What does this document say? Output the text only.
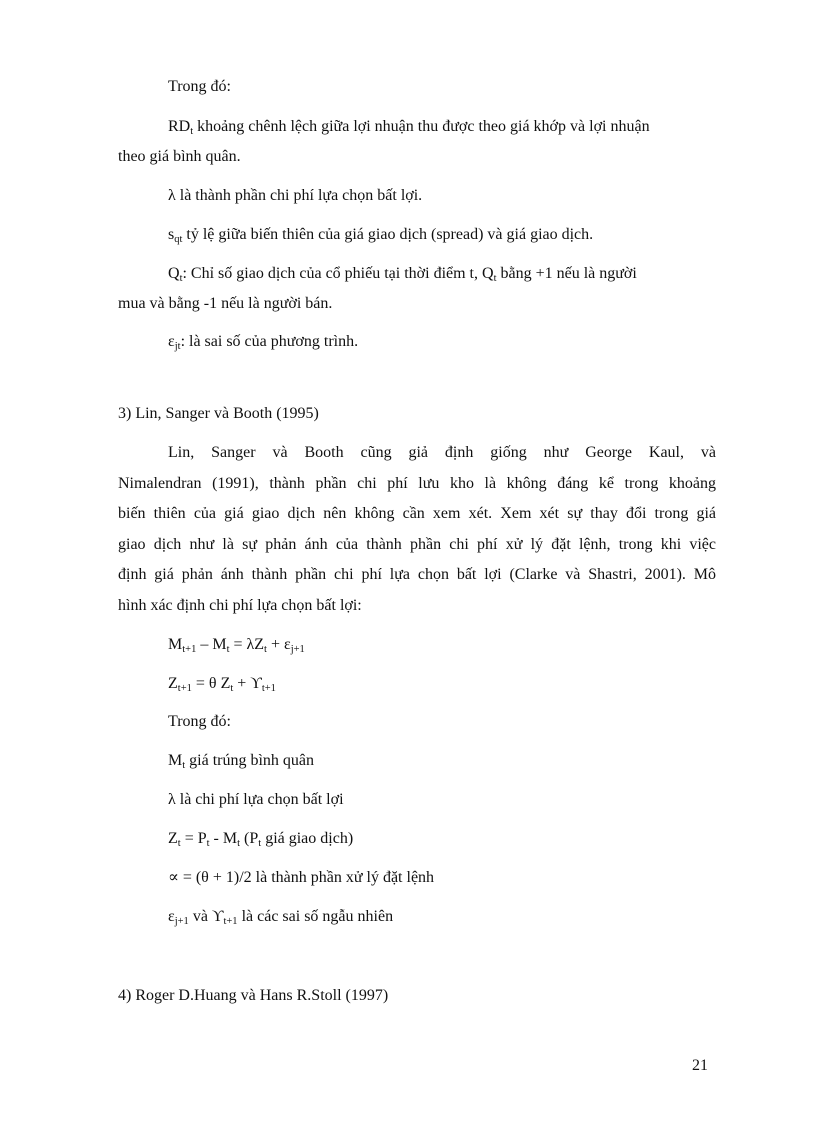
Trong đó:
$RD_t$ khoảng chênh lệch giữa lợi nhuận thu được theo giá khớp và lợi nhuận
theo giá bình quân.
λ là thành phần chi phí lựa chọn bất lợi.
$s_{qt}$ tỷ lệ giữa biến thiên của giá giao dịch (spread) và giá giao dịch.
$Q_t$: Chỉ số giao dịch của cổ phiếu tại thời điểm t, $Q_t$ bằng +1 nếu là người
mua và bằng -1 nếu là người bán.
$\varepsilon_{jt}$: là sai số của phương trình.
3) Lin, Sanger và Booth (1995)
Lin, Sanger và Booth cũng giả định giống như George Kaul, và
Nimalendran (1991), thành phần chi phí lưu kho là không đáng kể trong khoảng
biến thiên của giá giao dịch nên không cần xem xét. Xem xét sự thay đổi trong giá
giao dịch như là sự phản ánh của thành phần chi phí xử lý đặt lệnh, trong khi việc
định giá phản ánh thành phần chi phí lựa chọn bất lợi (Clarke và Shastri, 2001). Mô
hình xác định chi phí lựa chọn bất lợi:
$M_{t+1} - M_t = \lambda Z_t + \varepsilon_{j+1}$
$Z_{t+1} = \theta$ $Z_t + ϒ_{t+1}$
Trong đó:
$M_t$ giá trúng bình quân
λ là chi phí lựa chọn bất lợi
$Z_t = P_t - M_t$ ($P_t$ giá giao dịch)
∝ = (θ + 1)/2 là thành phần xử lý đặt lệnh
$\varepsilon_{j+1}$ và $ϒ_{t+1}$ là các sai số ngẫu nhiên
4) Roger D.Huang và Hans R.Stoll (1997)
21
